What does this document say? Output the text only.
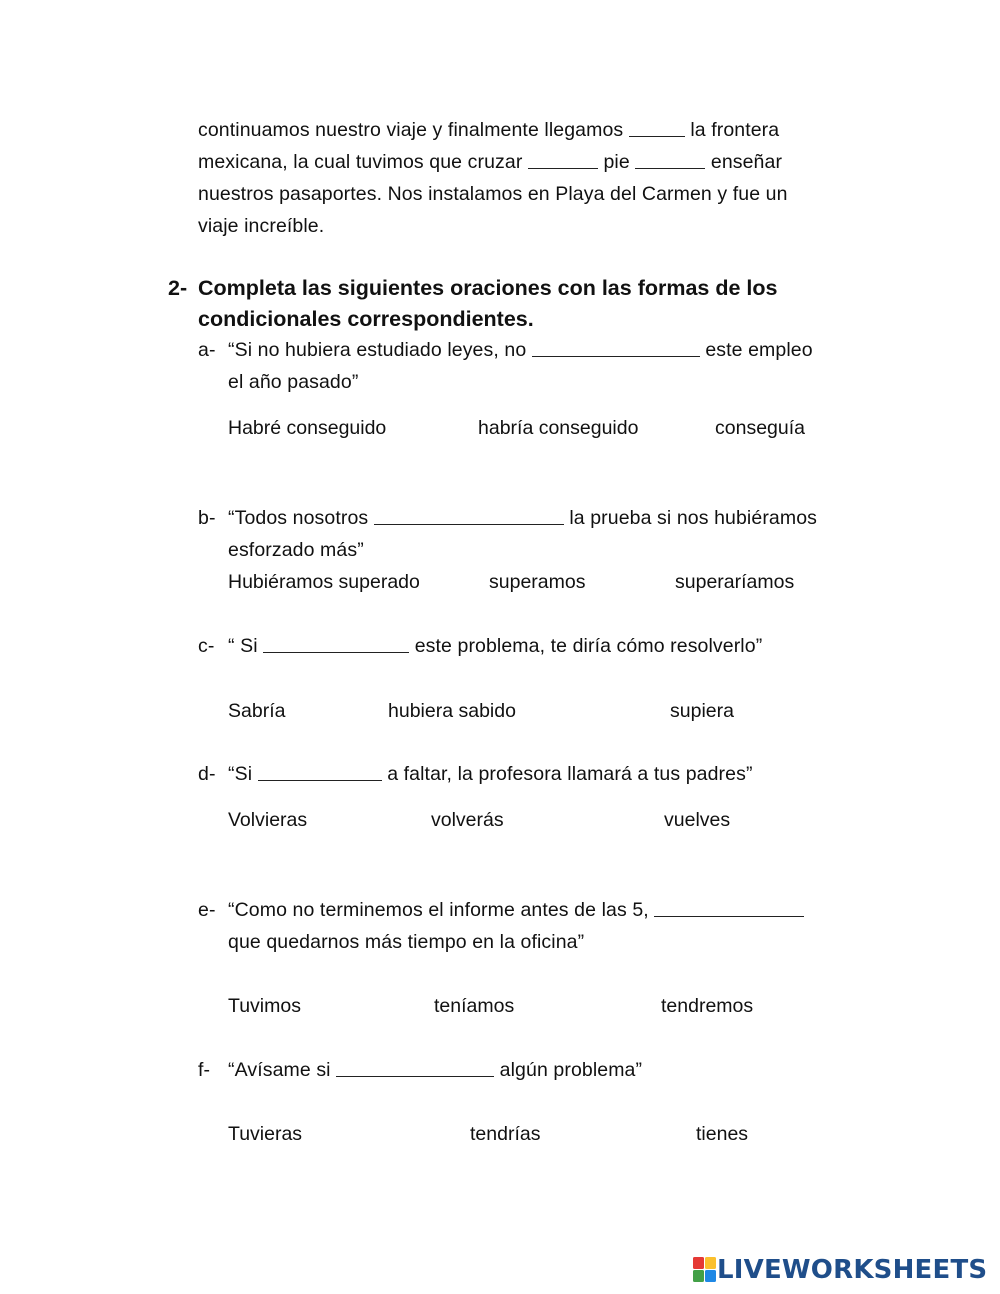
continuamos nuestro viaje y finalmente llegamos	la frontera
mexicana, la cual tuvimos que cruzar	pie	enseñar
nuestros pasaportes. Nos instalamos en Playa del Carmen y fue un
viaje increíble.
2- Completa las siguientes oraciones con las formas de los
condicionales correspondientes.
a- “Si no hubiera estudiado leyes, no	este empleo
el año pasado”
Habré conseguido	habría conseguido	conseguía
b- “Todos nosotros	la prueba si nos hubiéramos
esforzado más”
Hubiéramos superado	superamos	superaríamos
c- “ Si	este problema, te diría cómo resolverlo”
Sabría	hubiera sabido	supiera
d- “Si	a faltar, la profesora llamará a tus padres”
Volvieras	volverás	vuelves
e- “Como no terminemos el informe antes de las 5,
que quedarnos más tiempo en la oficina”
Tuvimos	teníamos	tendremos
f- “Avísame si	algún problema”
Tuvieras	tendrías	tienes
LIVEWORKSHEETS
